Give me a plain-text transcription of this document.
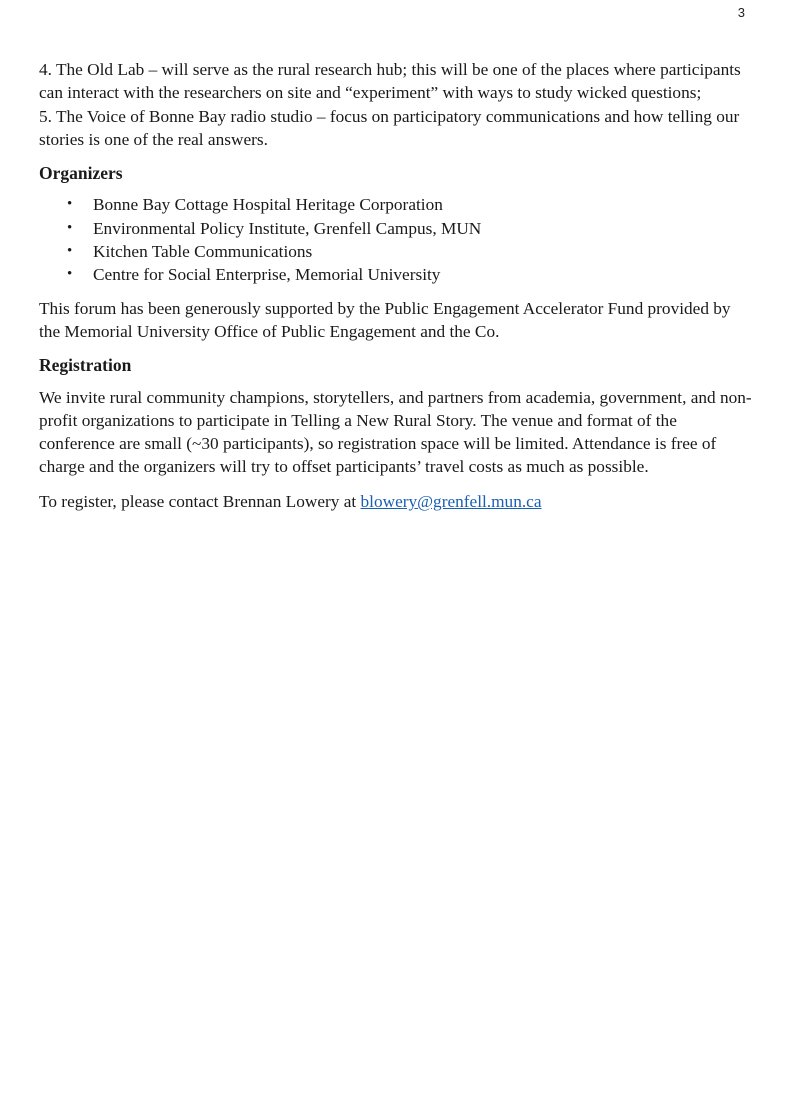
3

4. The Old Lab – will serve as the rural research hub; this will be one of the places where participants can interact with the researchers on site and “experiment” with ways to study wicked questions;

5. The Voice of Bonne Bay radio studio – focus on participatory communications and how telling our stories is one of the real answers.

Organizers
• Bonne Bay Cottage Hospital Heritage Corporation
• Environmental Policy Institute, Grenfell Campus, MUN
• Kitchen Table Communications
• Centre for Social Enterprise, Memorial University

This forum has been generously supported by the Public Engagement Accelerator Fund provided by the Memorial University Office of Public Engagement and the Co.

Registration

We invite rural community champions, storytellers, and partners from academia, government, and non-profit organizations to participate in Telling a New Rural Story. The venue and format of the conference are small (~30 participants), so registration space will be limited. Attendance is free of charge and the organizers will try to offset participants’ travel costs as much as possible.

To register, please contact Brennan Lowery at blowery@grenfell.mun.ca
